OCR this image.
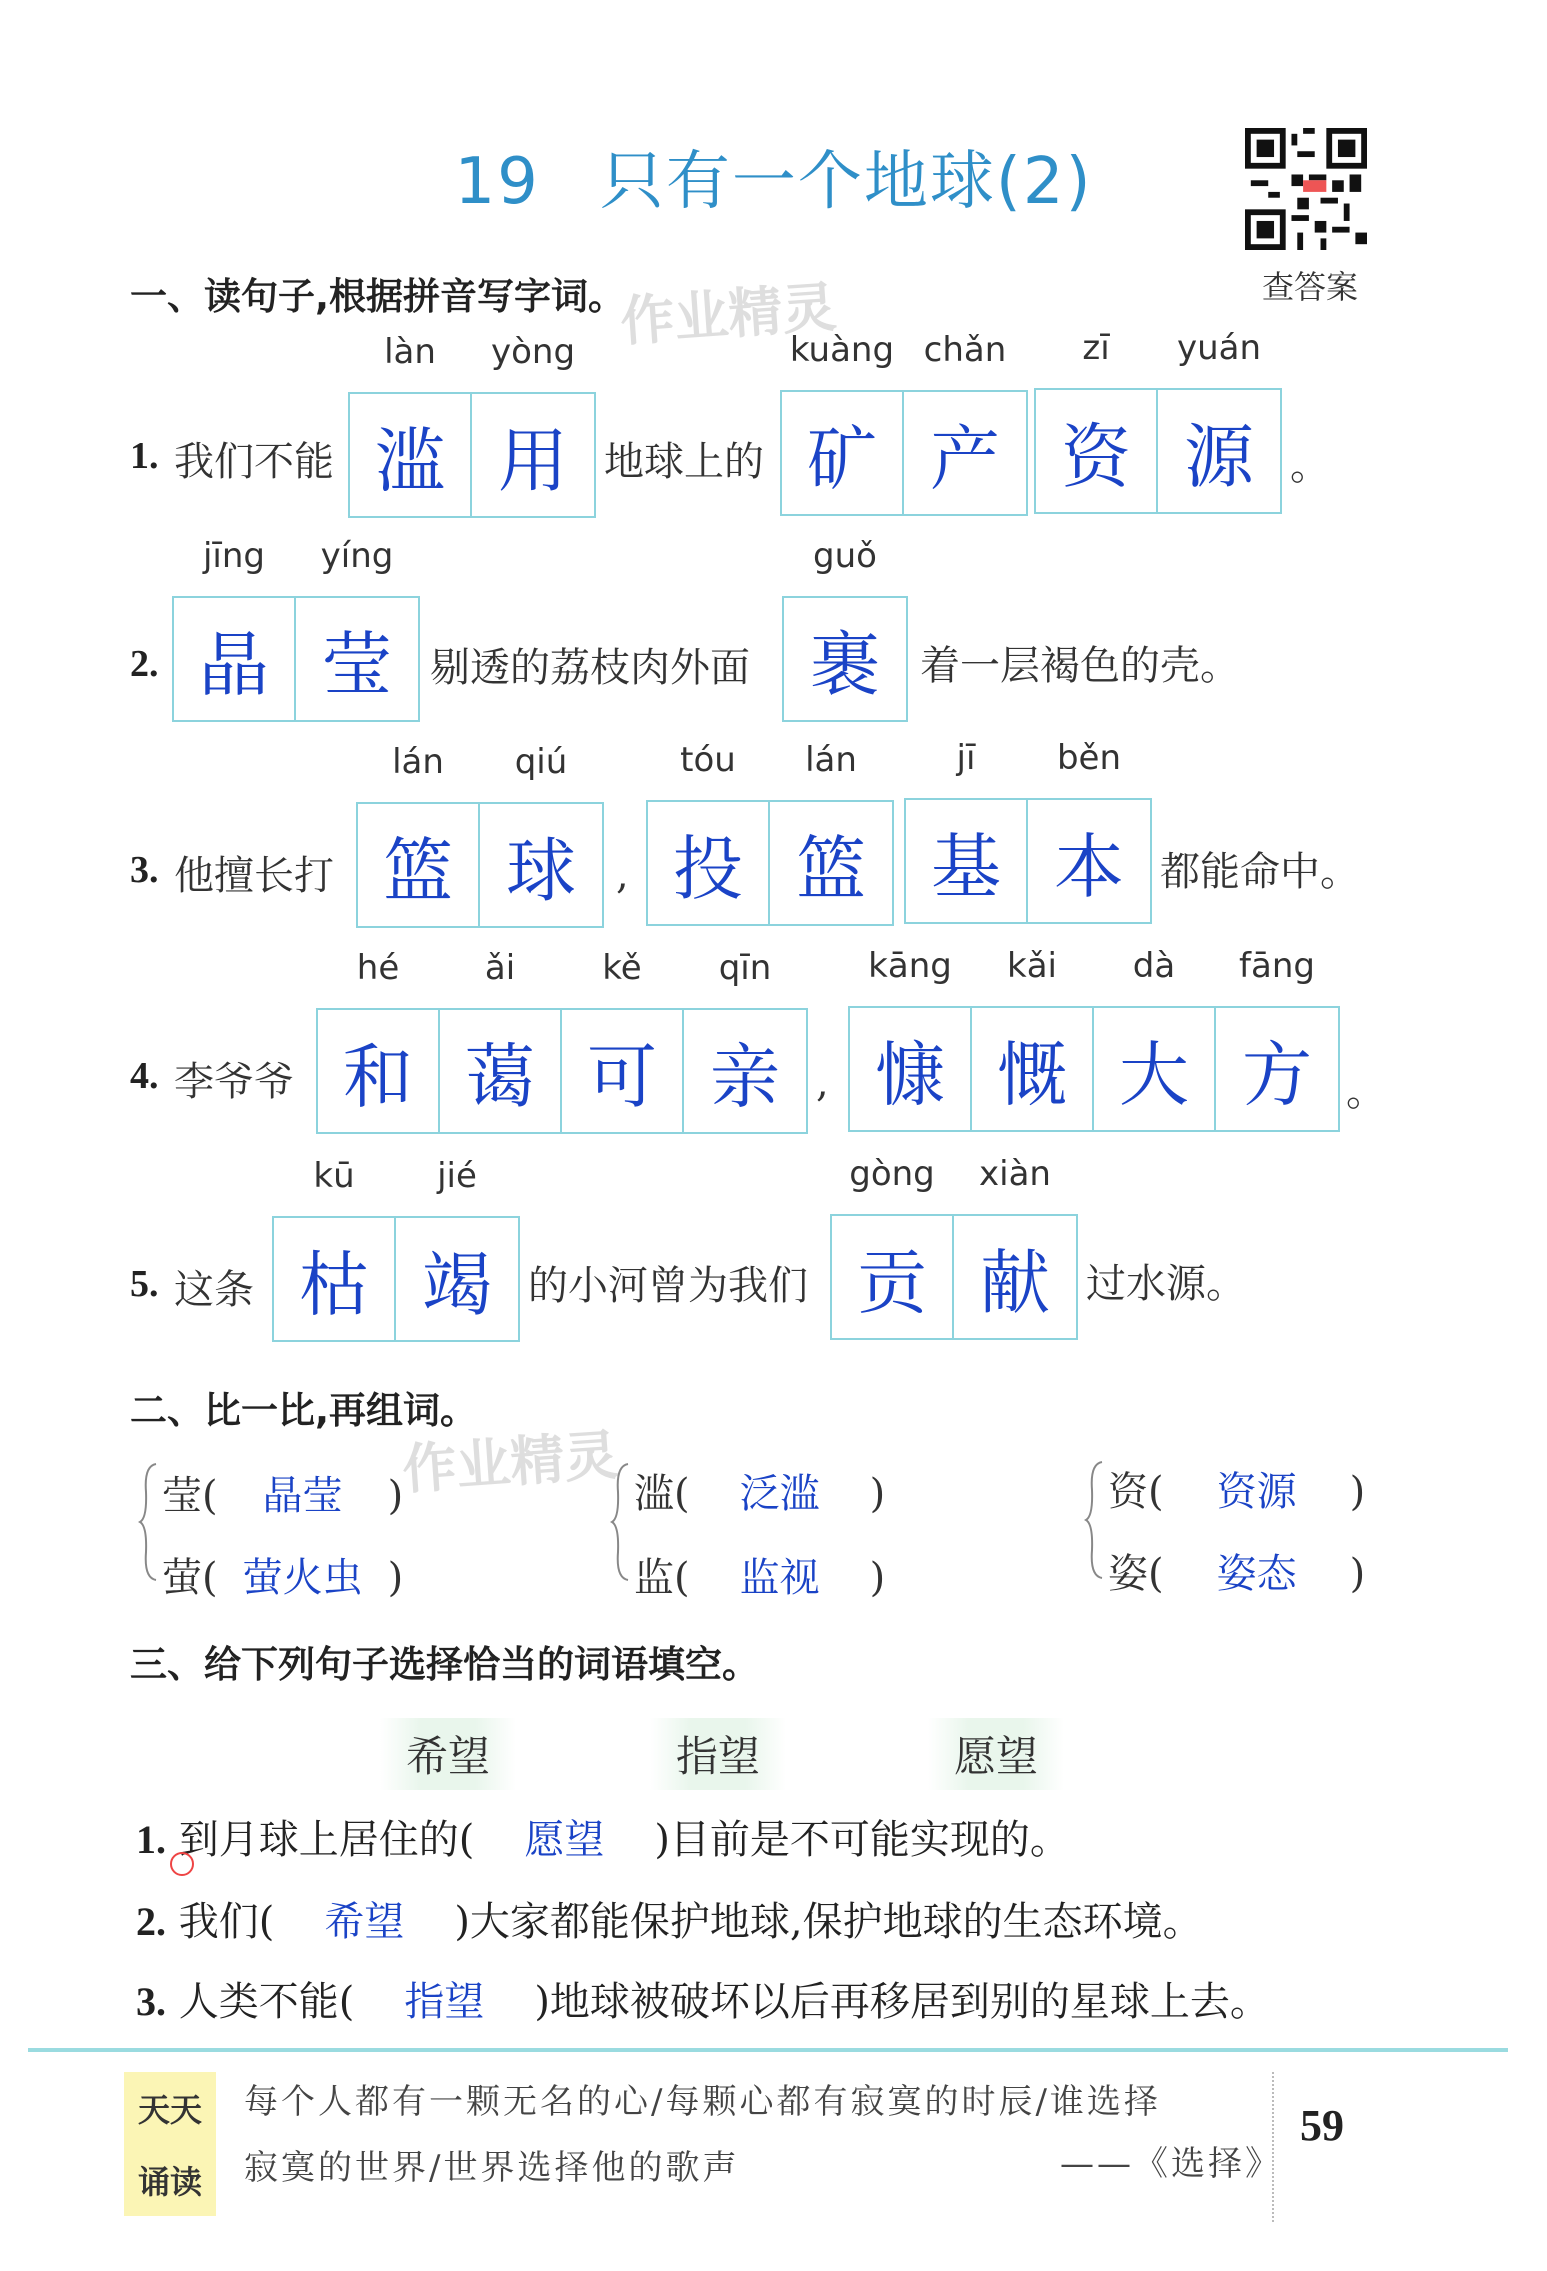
19 只有一个地球(2)
查答案
一、读句子,根据拼音写字词。
作业精灵
1. 我们不能
làn
滥
yòng
用 地球上的
kuàng
矿
chǎn
产
zī
资
yuán
源 。
2.
jīng
晶
yíng
莹 剔透的荔枝肉外面
guǒ
裹	着一层褐色的壳。
3. 他擅长打
lán
篮
qiú
球	,
tóu
投
lán
篮
jī
基
běn
本 都能命中。
4. 李爷爷
hé
和
ǎi
蔼
kě
可
qīn
亲 ,
kāng
慷
kǎi
慨
dà
大
fāng
方 。
5. 这条
kū
枯
jié
竭 的小河曾为我们
gòng
贡
xiàn
献 过水源。
二、比一比,再组词。
作业精灵
莹( 晶莹 )
萤( 萤火虫 )
滥( 泛滥 )
监( 监视 )
资( 资源 )
姿( 姿态 )
三、给下列句子选择恰当的词语填空。
希望	指望	愿望
1. 到月球上居住的( 愿望 )目前是不可能实现的。
2. 我们( 希望 )大家都能保护地球,保护地球的生态环境。
3. 人类不能( 指望 )地球被破坏以后再移居到别的星球上去。
天天
诵读
每个人都有一颗无名的心/每颗心都有寂寞的时辰/谁选择
寂寞的世界/世界选择他的歌声	——《选择》
59
